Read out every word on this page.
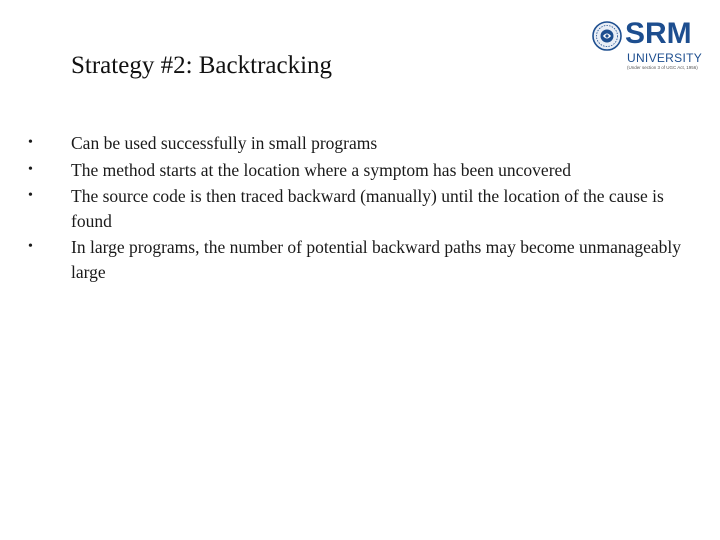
SRM
UNIVERSITY
(Under section 3 of UGC Act, 1956)
Strategy #2: Backtracking
•	Can be used successfully in small programs
•	The method starts at the location where a symptom has been uncovered
•	The source code is then traced backward (manually) until the location of the cause is found
•	In large programs, the number of potential backward paths may become unmanageably large
